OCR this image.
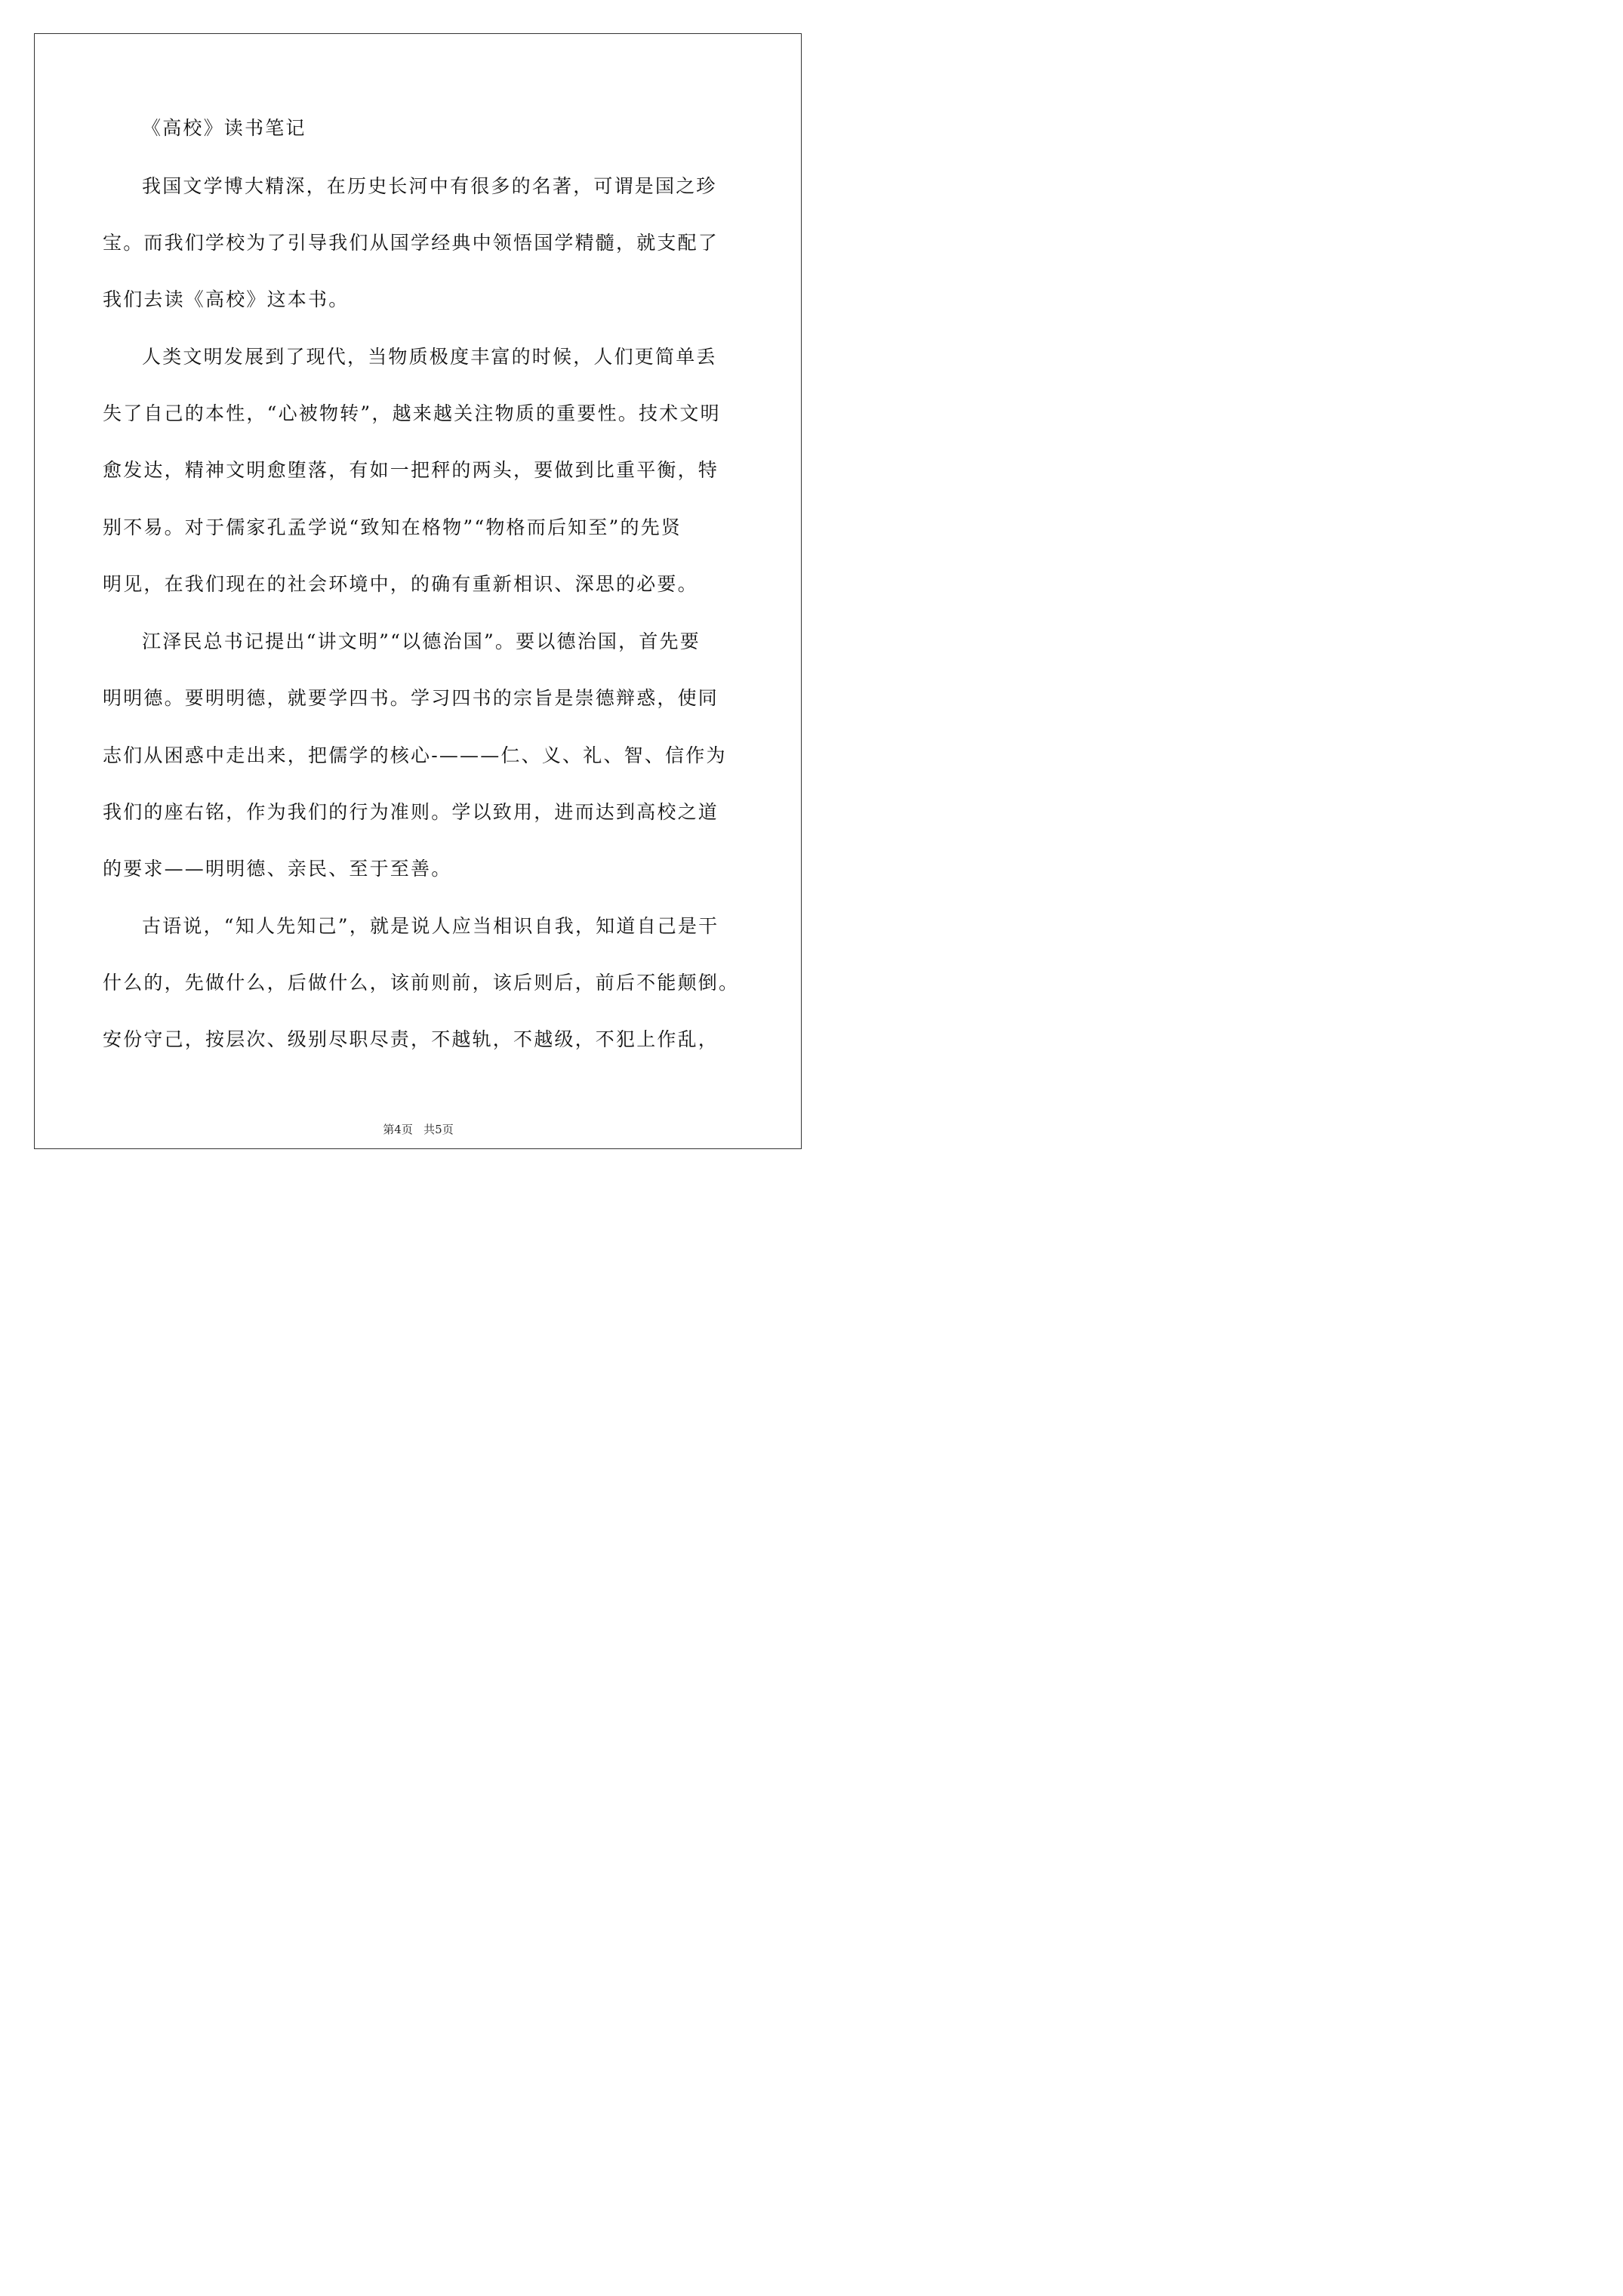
《高校》读书笔记
我国文学博大精深，在历史长河中有很多的名著，可谓是国之珍
宝。而我们学校为了引导我们从国学经典中领悟国学精髓，就支配了
我们去读《高校》这本书。
人类文明发展到了现代，当物质极度丰富的时候，人们更简单丢
失了自己的本性，“心被物转”，越来越关注物质的重要性。技术文明
愈发达，精神文明愈堕落，有如一把秤的两头，要做到比重平衡，特
别不易。对于儒家孔孟学说“致知在格物”“物格而后知至”的先贤
明见，在我们现在的社会环境中，的确有重新相识、深思的必要。
江泽民总书记提出“讲文明”“以德治国”。要以德治国，首先要
明明德。要明明德，就要学四书。学习四书的宗旨是崇德辩惑，使同
志们从困惑中走出来，把儒学的核心-———仁、义、礼、智、信作为
我们的座右铭，作为我们的行为准则。学以致用，进而达到高校之道
的要求——明明德、亲民、至于至善。
古语说，“知人先知己”，就是说人应当相识自我，知道自己是干
什么的，先做什么，后做什么，该前则前，该后则后，前后不能颠倒。
安份守己，按层次、级别尽职尽责，不越轨，不越级，不犯上作乱，
第4页   共5页
